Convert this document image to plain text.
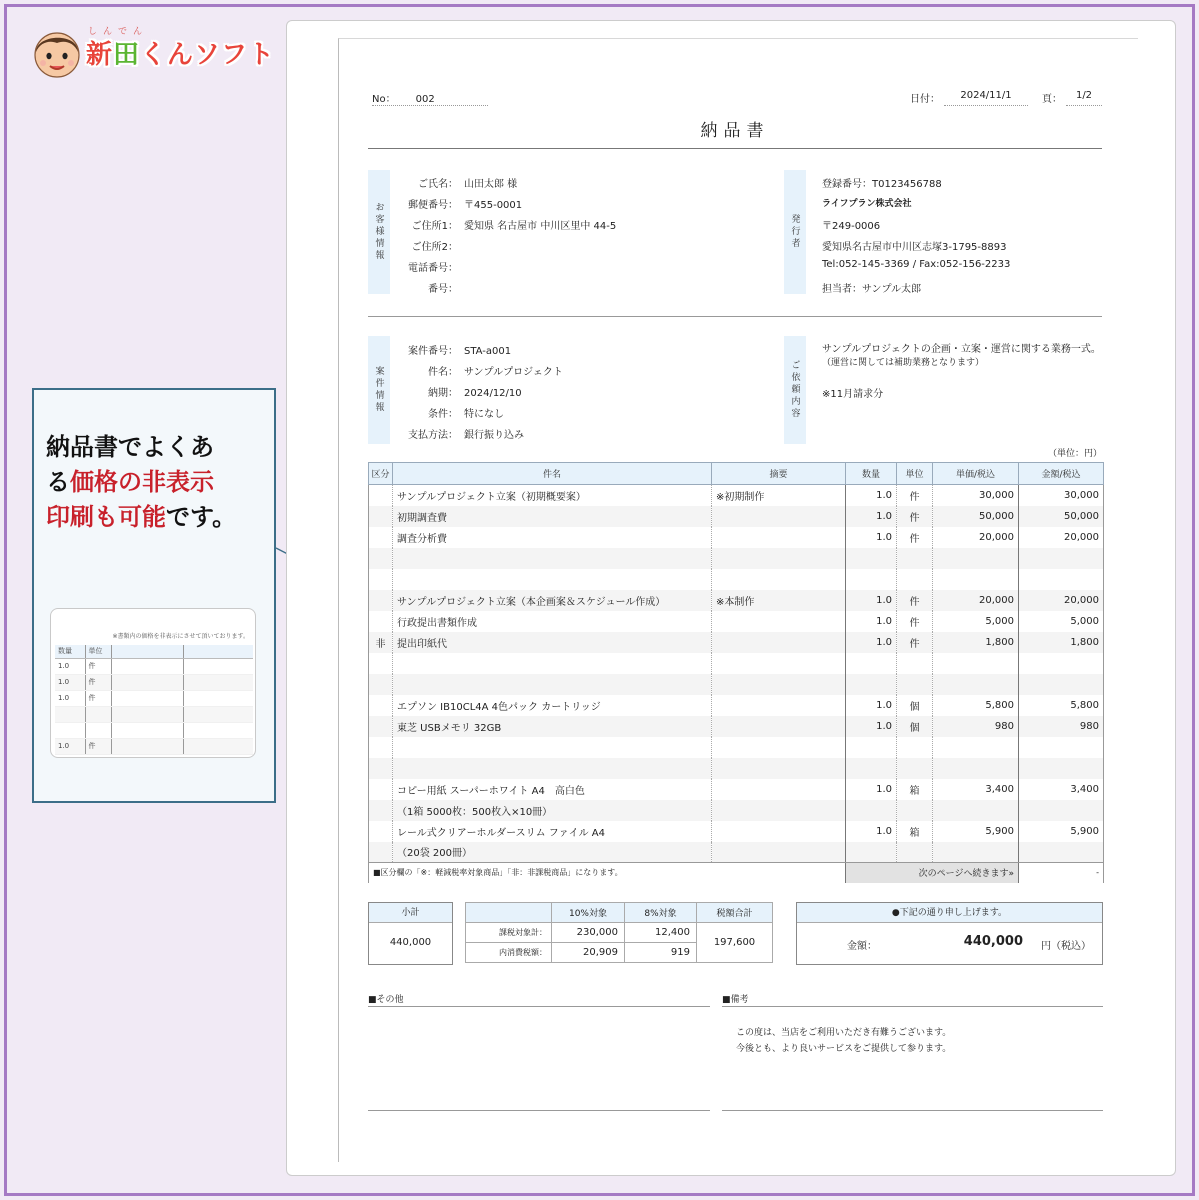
しんでん
新田くんソフト
納品書でよくあ
る価格の非表示
印刷も可能です。
※書類内の価格を非表示にさせて頂いております。
数量	単位		
1.0	件		
1.0	件		
1.0	件		

1.0	件		
No： 002	日付：	2024/11/1	頁：	1/2
納品書
お客様情報
ご氏名： 山田太郎 様
郵便番号： 〒455-0001
ご住所1： 愛知県 名古屋市 中川区里中 44-5
ご住所2：
電話番号：
番号：
発行者
登録番号：T0123456788
ライフプラン株式会社
〒249-0006
愛知県名古屋市中川区志塚3-1795-8893
Tel:052-145-3369 / Fax:052-156-2233
担当者：サンプル太郎
案件情報
案件番号： STA-a001
件名： サンプルプロジェクト
納期： 2024/12/10
条件： 特になし
支払方法： 銀行振り込み
ご依頼内容
サンプルプロジェクトの企画・立案・運営に関する業務一式。
（運営に関しては補助業務となります）
※11月請求分
（単位：円）
区分	件名	摘要	数量	単位	単価/税込	金額/税込
	サンプルプロジェクト立案（初期概要案）	※初期制作	1.0	件	30,000	30,000
	初期調査費		1.0	件	50,000	50,000
	調査分析費		1.0	件	20,000	20,000

	サンプルプロジェクト立案（本企画案＆スケジュール作成）	※本制作	1.0	件	20,000	20,000
	行政提出書類作成		1.0	件	5,000	5,000
非	提出印紙代		1.0	件	1,800	1,800

	エプソン IB10CL4A 4色パック カートリッジ		1.0	個	5,800	5,800
	東芝 USBメモリ 32GB		1.0	個	980	980

	コピー用紙 スーパーホワイト A4　高白色		1.0	箱	3,400	3,400
	（1箱 5000枚：500枚入×10冊）					
	レール式クリアーホルダースリム ファイル A4		1.0	箱	5,900	5,900
	（20袋 200冊）					
■区分欄の「※：軽減税率対象商品」「非：非課税商品」になります。			次のページへ続きます»			-
小計
440,000
	10%対象	8%対象	税額合計
課税対象計：	230,000	12,400	197,600
内消費税額：	20,909	919	
●下記の通り申し上げます。
金額：	440,000 円（税込）
■その他	■備考
この度は、当店をご利用いただき有難うございます。
今後とも、より良いサービスをご提供して参ります。
